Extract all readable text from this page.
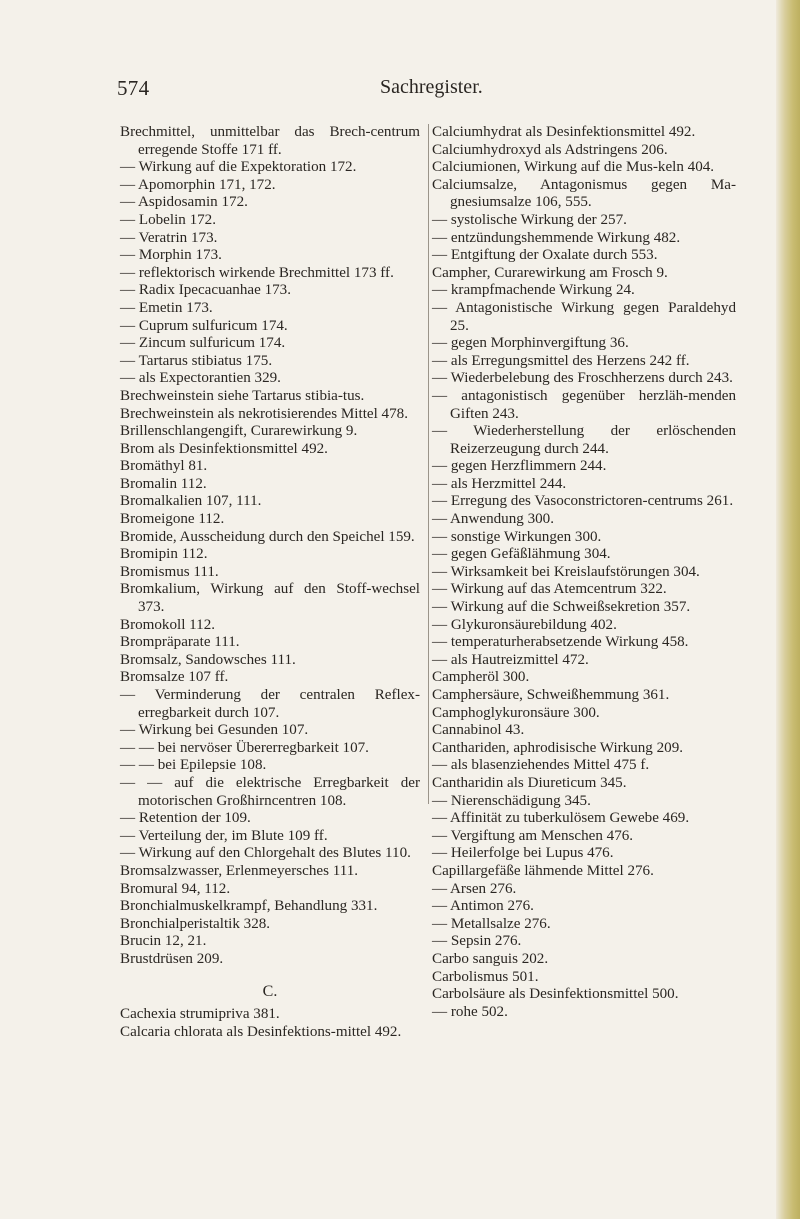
574	Sachregister.

Brechmittel, unmittelbar das Brech-centrum erregende Stoffe 171 ff.

— Wirkung auf die Expektoration 172.

— Apomorphin 171, 172.

— Aspidosamin 172.

— Lobelin 172.

— Veratrin 173.

— Morphin 173.

— reflektorisch wirkende Brechmittel 173 ff.

— Radix Ipecacuanhae 173.

— Emetin 173.

— Cuprum sulfuricum 174.

— Zincum sulfuricum 174.

— Tartarus stibiatus 175.

— als Expectorantien 329.

Brechweinstein siehe Tartarus stibia-tus.

Brechweinstein als nekrotisierendes Mittel 478.

Brillenschlangengift, Curarewirkung 9.

Brom als Desinfektionsmittel 492.

Bromäthyl 81.

Bromalin 112.

Bromalkalien 107, 111.

Bromeigone 112.

Bromide, Ausscheidung durch den Speichel 159.

Bromipin 112.

Bromismus 111.

Bromkalium, Wirkung auf den Stoff-wechsel 373.

Bromokoll 112.

Brompräparate 111.

Bromsalz, Sandowsches 111.

Bromsalze 107 ff.

— Verminderung der centralen Reflex-erregbarkeit durch 107.

— Wirkung bei Gesunden 107.

— — bei nervöser Übererregbarkeit 107.

— — bei Epilepsie 108.

— — auf die elektrische Erregbarkeit der motorischen Großhirncentren 108.

— Retention der 109.

— Verteilung der, im Blute 109 ff.

— Wirkung auf den Chlorgehalt des Blutes 110.

Bromsalzwasser, Erlenmeyersches 111.

Bromural 94, 112.

Bronchialmuskelkrampf, Behandlung 331.

Bronchialperistaltik 328.

Brucin 12, 21.

Brustdrüsen 209.

C.

Cachexia strumipriva 381.

Calcaria chlorata als Desinfektions-mittel 492.

Calciumhydrat als Desinfektionsmittel 492.

Calciumhydroxyd als Adstringens 206.

Calciumionen, Wirkung auf die Mus-keln 404.

Calciumsalze, Antagonismus gegen Ma-gnesiumsalze 106, 555.

— systolische Wirkung der 257.

— entzündungshemmende Wirkung 482.

— Entgiftung der Oxalate durch 553.

Campher, Curarewirkung am Frosch 9.

— krampfmachende Wirkung 24.

— Antagonistische Wirkung gegen Paraldehyd 25.

— gegen Morphinvergiftung 36.

— als Erregungsmittel des Herzens 242 ff.

— Wiederbelebung des Froschherzens durch 243.

— antagonistisch gegenüber herzläh-menden Giften 243.

— Wiederherstellung der erlöschenden Reizerzeugung durch 244.

— gegen Herzflimmern 244.

— als Herzmittel 244.

— Erregung des Vasoconstrictoren-centrums 261.

— Anwendung 300.

— sonstige Wirkungen 300.

— gegen Gefäßlähmung 304.

— Wirksamkeit bei Kreislaufstörungen 304.

— Wirkung auf das Atemcentrum 322.

— Wirkung auf die Schweißsekretion 357.

— Glykuronsäurebildung 402.

— temperaturherabsetzende Wirkung 458.

— als Hautreizmittel 472.

Campheröl 300.

Camphersäure, Schweißhemmung 361.

Camphoglykuronsäure 300.

Cannabinol 43.

Canthariden, aphrodisische Wirkung 209.

— als blasenziehendes Mittel 475 f.

Cantharidin als Diureticum 345.

— Nierenschädigung 345.

— Affinität zu tuberkulösem Gewebe 469.

— Vergiftung am Menschen 476.

— Heilerfolge bei Lupus 476.

Capillargefäße lähmende Mittel 276.

— Arsen 276.

— Antimon 276.

— Metallsalze 276.

— Sepsin 276.

Carbo sanguis 202.

Carbolismus 501.

Carbolsäure als Desinfektionsmittel 500.

— rohe 502.
